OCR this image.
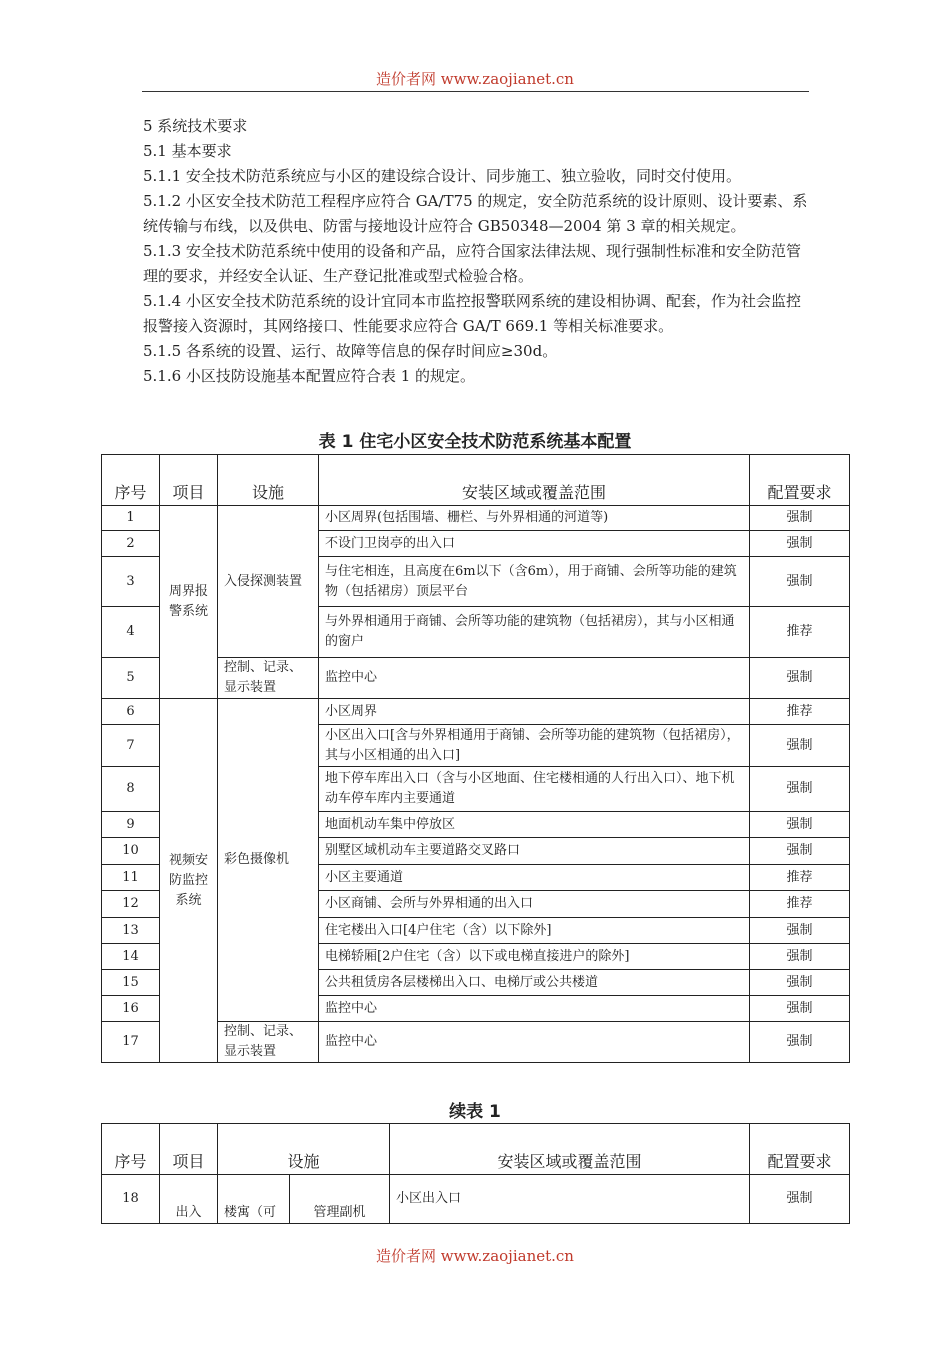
造价者网 www.zaojianet.cn

5 系统技术要求

5.1 基本要求

5.1.1 安全技术防范系统应与小区的建设综合设计、同步施工、独立验收，同时交付使用。

5.1.2 小区安全技术防范工程程序应符合 GA/T75 的规定，安全防范系统的设计原则、设计要素、系统传输与布线，以及供电、防雷与接地设计应符合 GB50348—2004 第 3 章的相关规定。

5.1.3 安全技术防范系统中使用的设备和产品，应符合国家法律法规、现行强制性标准和安全防范管理的要求，并经安全认证、生产登记批准或型式检验合格。

5.1.4 小区安全技术防范系统的设计宜同本市监控报警联网系统的建设相协调、配套，作为社会监控报警接入资源时，其网络接口、性能要求应符合 GA/T 669.1 等相关标准要求。

5.1.5 各系统的设置、运行、故障等信息的保存时间应≥30d。

5.1.6 小区技防设施基本配置应符合表 1 的规定。

表 1 住宅小区安全技术防范系统基本配置
序号	项目	设施	安装区域或覆盖范围	配置要求
1	周界报警系统	入侵探测装置	小区周界(包括围墙、栅栏、与外界相通的河道等)	强制
2			不设门卫岗亭的出入口	强制
3			与住宅相连，且高度在6m以下（含6m），用于商铺、会所等功能的建筑物（包括裙房）顶层平台	强制
4			与外界相通用于商铺、会所等功能的建筑物（包括裙房），其与小区相通的窗户	推荐
5		控制、记录、显示装置	监控中心	强制
6	视频安防监控系统	彩色摄像机	小区周界	推荐
7			小区出入口[含与外界相通用于商铺、会所等功能的建筑物（包括裙房），其与小区相通的出入口]	强制
8			地下停车库出入口（含与小区地面、住宅楼相通的人行出入口）、地下机动车停车库内主要通道	强制
9			地面机动车集中停放区	强制
10			别墅区域机动车主要道路交叉路口	强制
11			小区主要通道	推荐
12			小区商铺、会所与外界相通的出入口	推荐
13			住宅楼出入口[4户住宅（含）以下除外]	强制
14			电梯轿厢[2户住宅（含）以下或电梯直接进户的除外]	强制
15			公共租赁房各层楼梯出入口、电梯厅或公共楼道	强制
16			监控中心	强制
17		控制、记录、显示装置	监控中心	强制
续表 1
序号	项目	设施		安装区域或覆盖范围	配置要求
18	出入	楼寓（可	管理副机	小区出入口	强制
造价者网 www.zaojianet.cn
